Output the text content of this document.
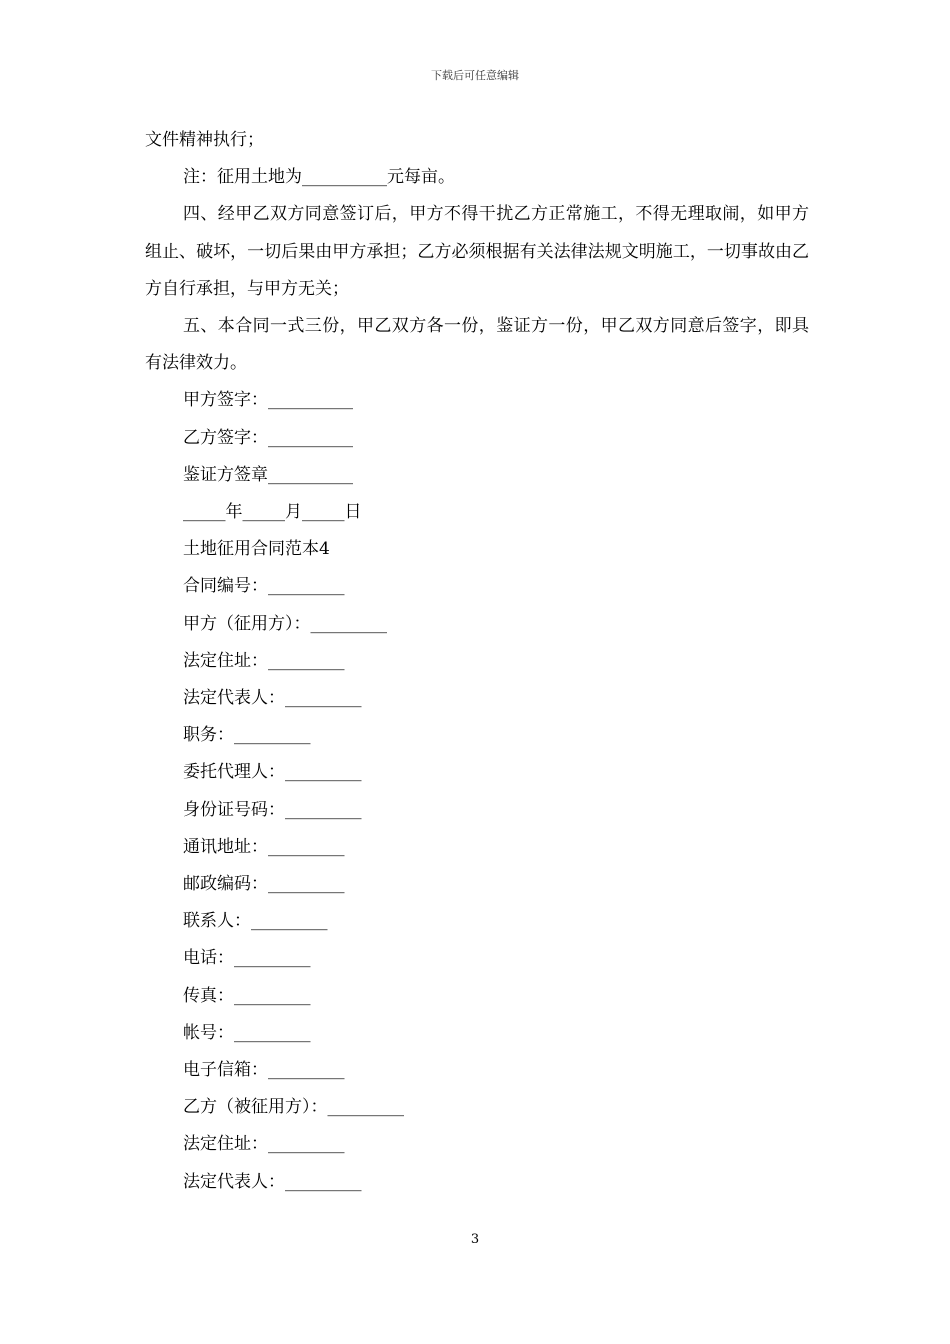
下载后可任意编辑

文件精神执行；

注：征用土地为__________元每亩。

四、经甲乙双方同意签订后，甲方不得干扰乙方正常施工，不得无理取闹，如甲方组止、破坏，一切后果由甲方承担；乙方必须根据有关法律法规文明施工，一切事故由乙方自行承担，与甲方无关；

五、本合同一式三份，甲乙双方各一份，鉴证方一份，甲乙双方同意后签字，即具有法律效力。

甲方签字：__________

乙方签字：__________

鉴证方签章__________

_____年_____月_____日

土地征用合同范本4

合同编号：_________

甲方（征用方）：_________

法定住址：_________

法定代表人：_________

职务：_________

委托代理人：_________

身份证号码：_________

通讯地址：_________

邮政编码：_________

联系人：_________

电话：_________

传真：_________

帐号：_________

电子信箱：_________

乙方（被征用方）：_________

法定住址：_________

法定代表人：_________

3
